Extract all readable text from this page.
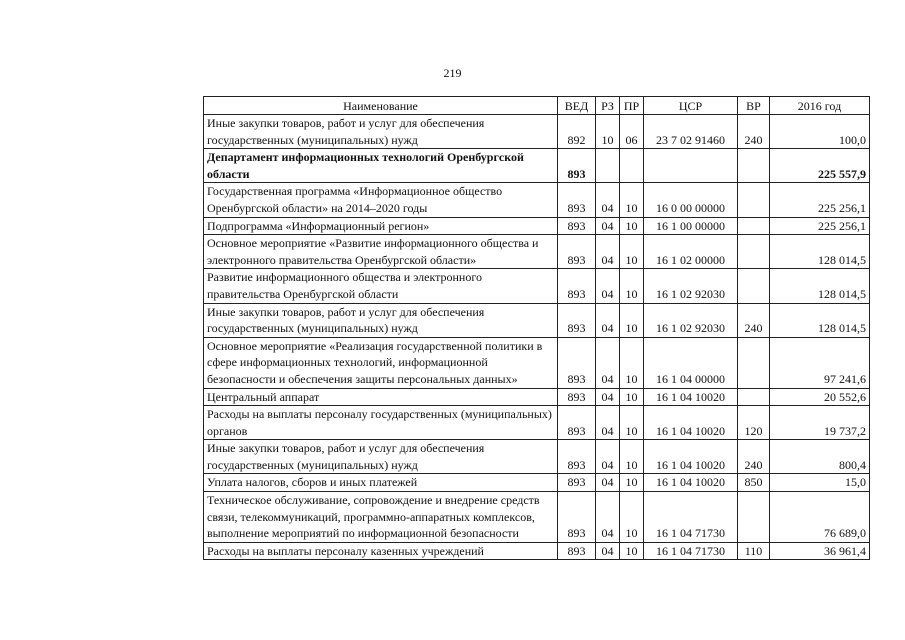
219
Наименование	ВЕД	РЗ	ПР	ЦСР	ВР	2016 год
Иные закупки товаров, работ и услуг для обеспечения государственных (муниципальных) нужд	892	10	06	23 7 02 91460	240	100,0
Департамент информационных технологий Оренбургской области	893					225 557,9
Государственная программа «Информационное общество Оренбургской области» на 2014–2020 годы	893	04	10	16 0 00 00000		225 256,1
Подпрограмма «Информационный регион»	893	04	10	16 1 00 00000		225 256,1
Основное мероприятие «Развитие информационного общества и электронного правительства Оренбургской области»	893	04	10	16 1 02 00000		128 014,5
Развитие информационного общества и электронного правительства Оренбургской области	893	04	10	16 1 02 92030		128 014,5
Иные закупки товаров, работ и услуг для обеспечения государственных (муниципальных) нужд	893	04	10	16 1 02 92030	240	128 014,5
Основное мероприятие «Реализация государственной политики в сфере информационных технологий, информационной безопасности и обеспечения защиты персональных данных»	893	04	10	16 1 04 00000		97 241,6
Центральный аппарат	893	04	10	16 1 04 10020		20 552,6
Расходы на выплаты персоналу государственных (муниципальных) органов	893	04	10	16 1 04 10020	120	19 737,2
Иные закупки товаров, работ и услуг для обеспечения государственных (муниципальных) нужд	893	04	10	16 1 04 10020	240	800,4
Уплата налогов, сборов и иных платежей	893	04	10	16 1 04 10020	850	15,0
Техническое обслуживание, сопровождение и внедрение средств связи, телекоммуникаций, программно-аппаратных комплексов, выполнение мероприятий по информационной безопасности	893	04	10	16 1 04 71730		76 689,0
Расходы на выплаты персоналу казенных учреждений	893	04	10	16 1 04 71730	110	36 961,4
